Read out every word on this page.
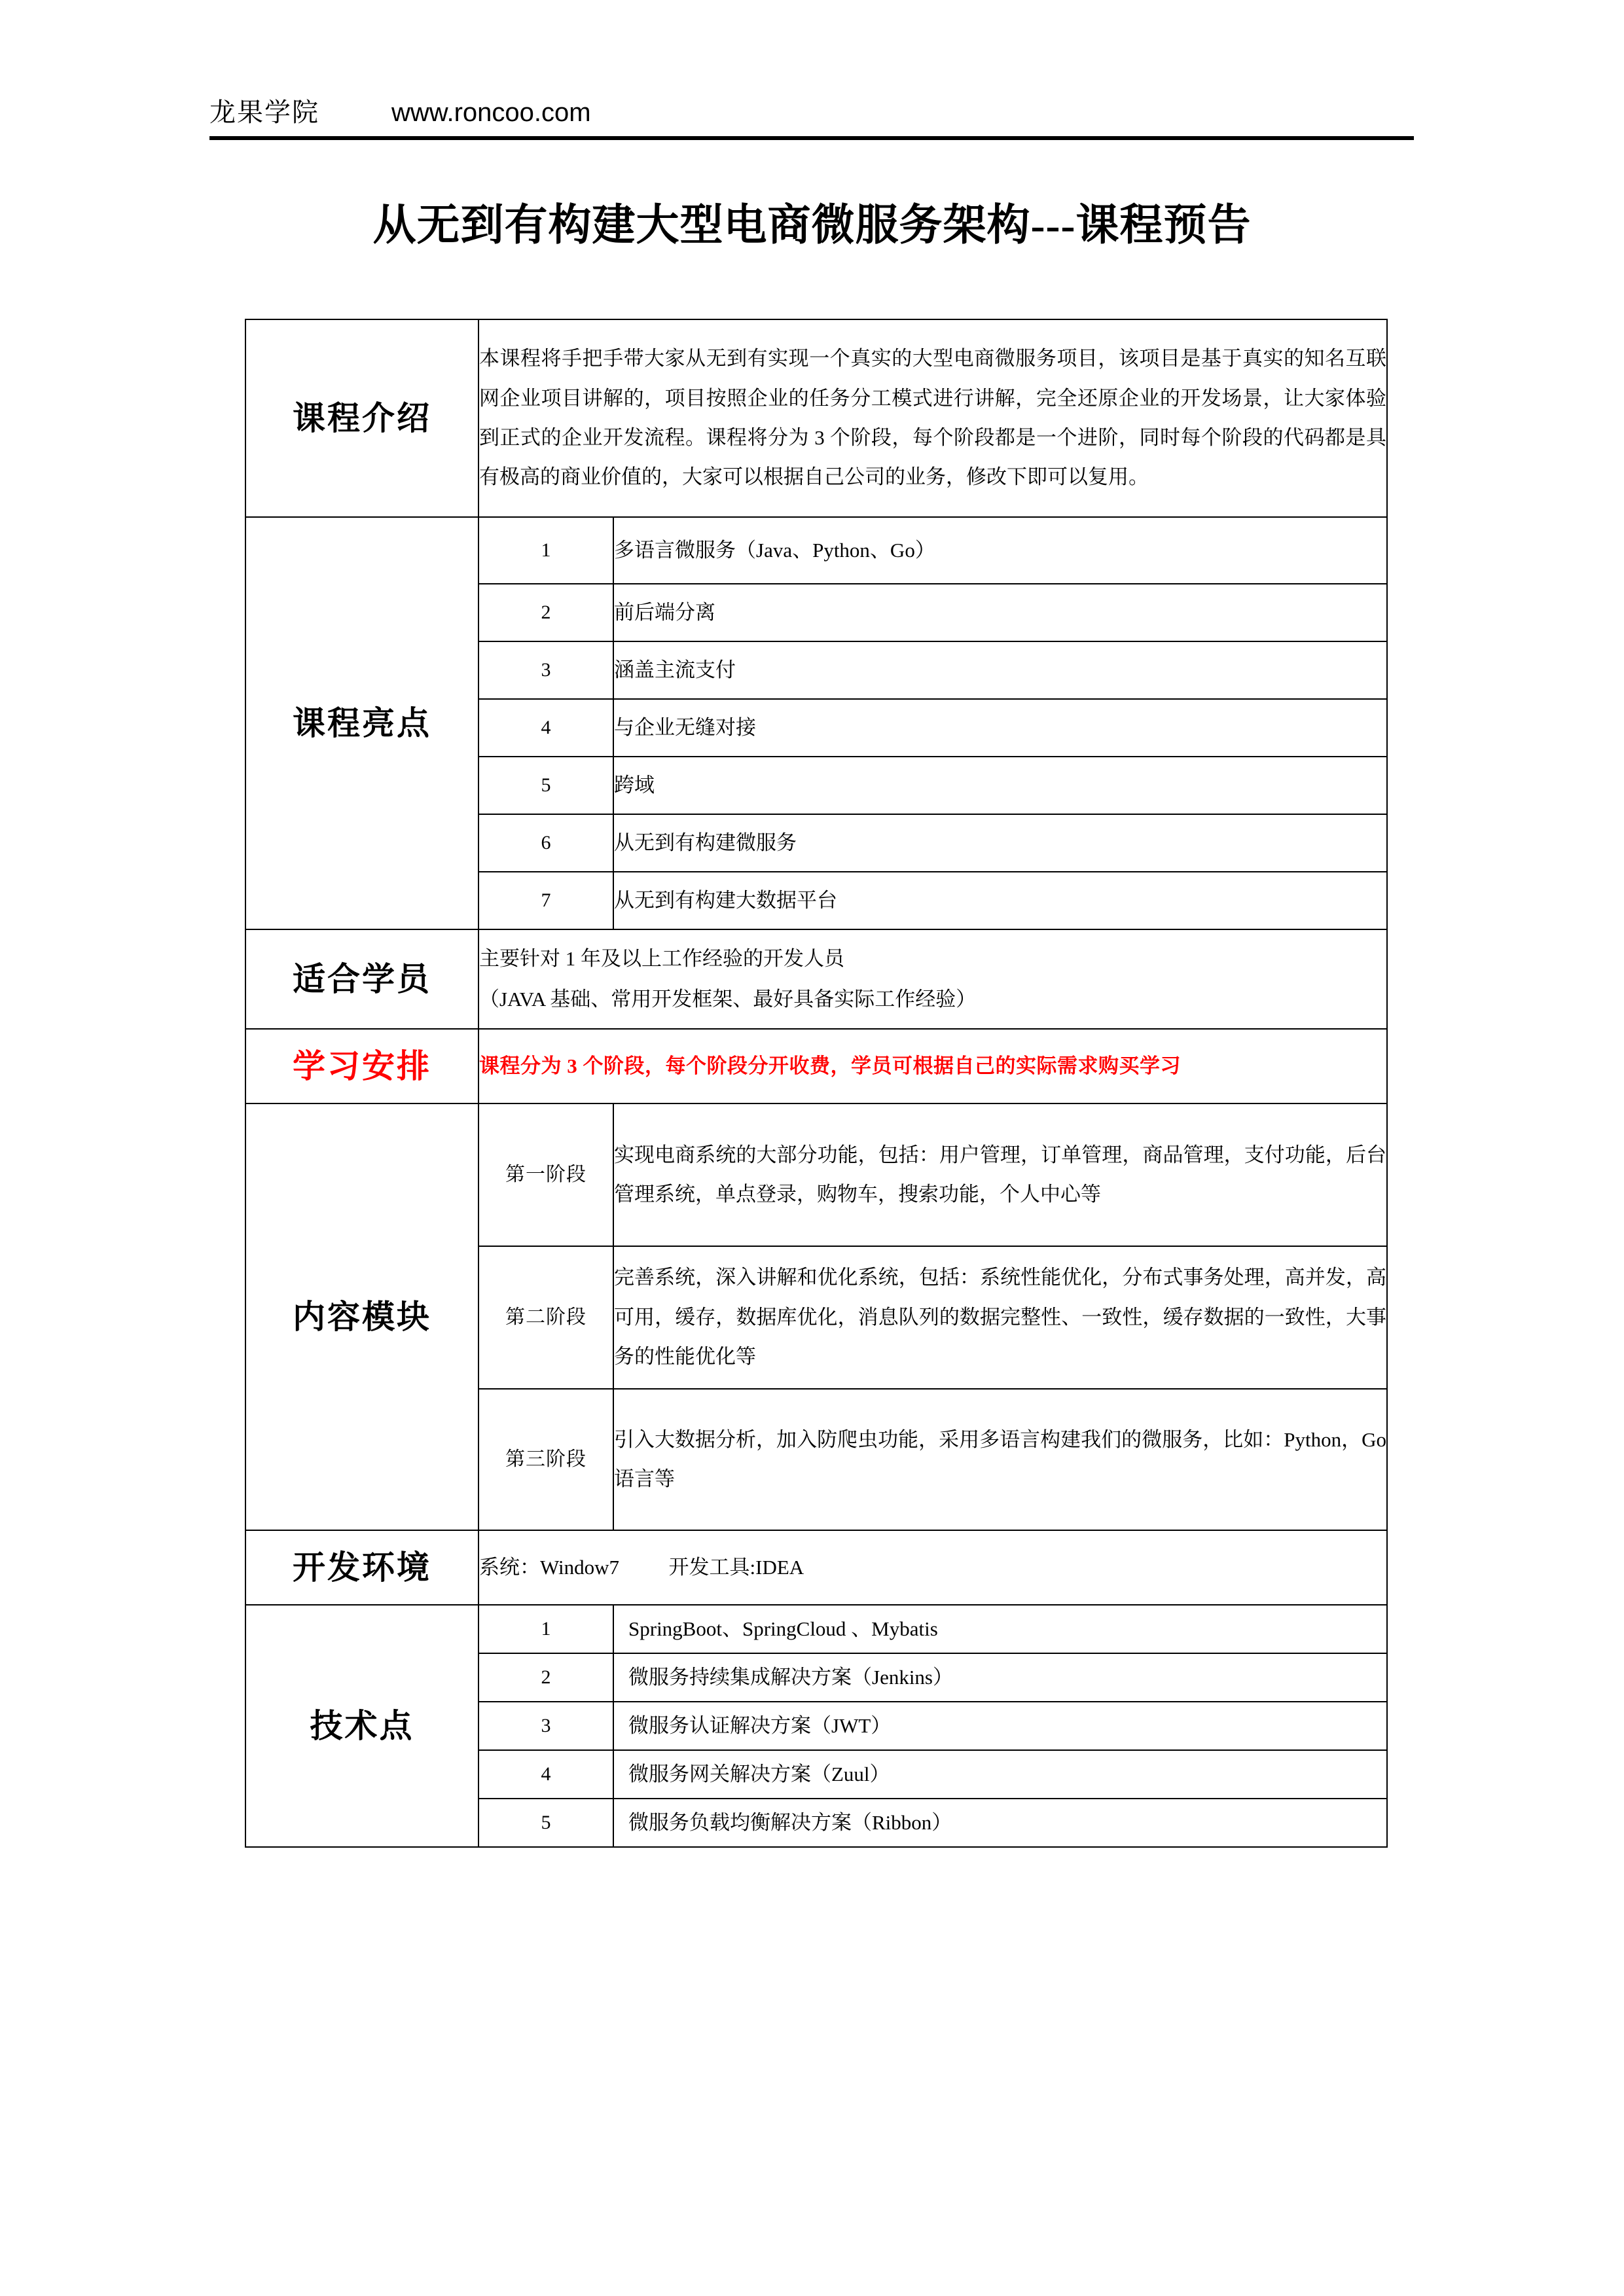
龙果学院	www.roncoo.com
从无到有构建大型电商微服务架构---课程预告
课程介绍	本课程将手把手带大家从无到有实现一个真实的大型电商微服务项目，该项目是基于真实的知名互联网企业项目讲解的，项目按照企业的任务分工模式进行讲解，完全还原企业的开发场景，让大家体验到正式的企业开发流程。课程将分为 3 个阶段，每个阶段都是一个进阶，同时每个阶段的代码都是具有极高的商业价值的，大家可以根据自己公司的业务，修改下即可以复用。	
课程亮点	1	多语言微服务（Java、Python、Go）
	2	前后端分离
	3	涵盖主流支付
	4	与企业无缝对接
	5	跨域
	6	从无到有构建微服务
	7	从无到有构建大数据平台
适合学员	主要针对 1 年及以上工作经验的开发人员
（JAVA 基础、常用开发框架、最好具备实际工作经验）	

学习安排	课程分为 3 个阶段，每个阶段分开收费，学员可根据自己的实际需求购买学习	
内容模块	第一阶段	实现电商系统的大部分功能，包括：用户管理，订单管理，商品管理，支付功能，后台管理系统，单点登录，购物车，搜索功能，个人中心等
	第二阶段	完善系统，深入讲解和优化系统，包括：系统性能优化，分布式事务处理，高并发，高可用，缓存，数据库优化，消息队列的数据完整性、一致性，缓存数据的一致性，大事务的性能优化等
	第三阶段	引入大数据分析，加入防爬虫功能，采用多语言构建我们的微服务，比如：Python，Go 语言等
开发环境	系统：Window7 开发工具:IDEA	
技术点	1	SpringBoot、SpringCloud 、Mybatis
	2	微服务持续集成解决方案（Jenkins）
	3	微服务认证解决方案（JWT）
	4	微服务网关解决方案（Zuul）
	5	微服务负载均衡解决方案（Ribbon）
